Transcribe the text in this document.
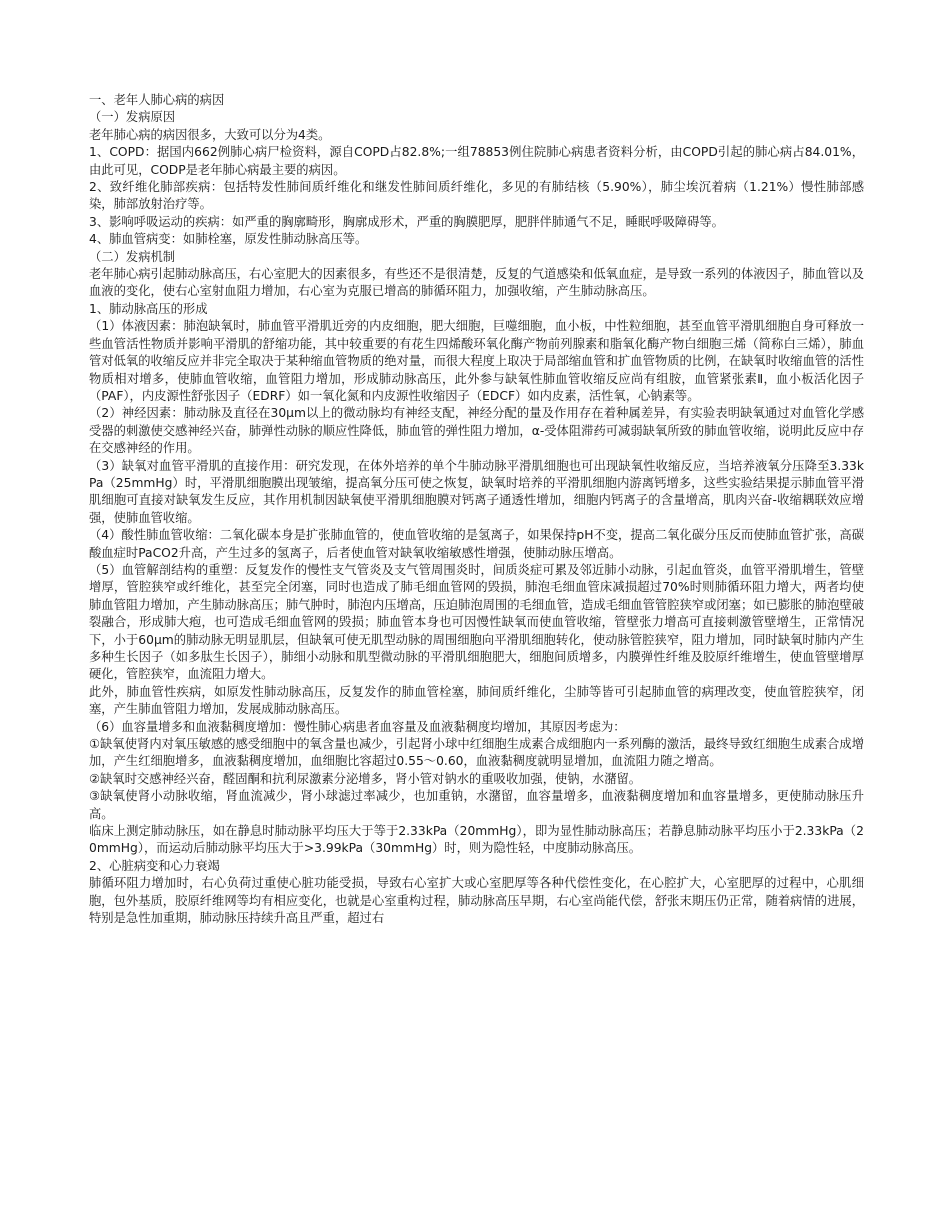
一、老年人肺心病的病因

（一）发病原因

老年肺心病的病因很多，大致可以分为4类。

1、COPD：据国内662例肺心病尸检资料，源自COPD占82.8%;一组78853例住院肺心病患者资料分析，由COPD引起的肺心病占84.01%，由此可见，CODP是老年肺心病最主要的病因。

2、致纤维化肺部疾病：包括特发性肺间质纤维化和继发性肺间质纤维化，多见的有肺结核（5.90%），肺尘埃沉着病（1.21%）慢性肺部感染，肺部放射治疗等。

3、影响呼吸运动的疾病：如严重的胸廓畸形，胸廓成形术，严重的胸膜肥厚，肥胖伴肺通气不足，睡眠呼吸障碍等。

4、肺血管病变：如肺栓塞，原发性肺动脉高压等。

（二）发病机制

老年肺心病引起肺动脉高压，右心室肥大的因素很多，有些还不是很清楚，反复的气道感染和低氧血症，是导致一系列的体液因子，肺血管以及血液的变化，使右心室射血阻力增加，右心室为克服已增高的肺循环阻力，加强收缩，产生肺动脉高压。

1、肺动脉高压的形成

（1）体液因素：肺泡缺氧时，肺血管平滑肌近旁的内皮细胞，肥大细胞，巨噬细胞，血小板，中性粒细胞，甚至血管平滑肌细胞自身可释放一些血管活性物质并影响平滑肌的舒缩功能，其中较重要的有花生四烯酸环氧化酶产物前列腺素和脂氧化酶产物白细胞三烯（简称白三烯），肺血管对低氧的收缩反应并非完全取决于某种缩血管物质的绝对量，而很大程度上取决于局部缩血管和扩血管物质的比例，在缺氧时收缩血管的活性物质相对增多，使肺血管收缩，血管阻力增加，形成肺动脉高压，此外参与缺氧性肺血管收缩反应尚有组胺，血管紧张素Ⅱ，血小板活化因子（PAF），内皮源性舒张因子（EDRF）如一氧化氮和内皮源性收缩因子（EDCF）如内皮素，活性氧，心钠素等。

（2）神经因素：肺动脉及直径在30μm以上的微动脉均有神经支配，神经分配的量及作用存在着种属差异，有实验表明缺氧通过对血管化学感受器的刺激使交感神经兴奋，肺弹性动脉的顺应性降低，肺血管的弹性阻力增加，α-受体阻滞药可减弱缺氧所致的肺血管收缩，说明此反应中存在交感神经的作用。

（3）缺氧对血管平滑肌的直接作用：研究发现，在体外培养的单个牛肺动脉平滑肌细胞也可出现缺氧性收缩反应，当培养液氧分压降至3.33kPa（25mmHg）时，平滑肌细胞膜出现皱缩，提高氧分压可使之恢复，缺氧时培养的平滑肌细胞内游离钙增多，这些实验结果提示肺血管平滑肌细胞可直接对缺氧发生反应，其作用机制因缺氧使平滑肌细胞膜对钙离子通透性增加，细胞内钙离子的含量增高，肌肉兴奋-收缩耦联效应增强，使肺血管收缩。

（4）酸性肺血管收缩：二氧化碳本身是扩张肺血管的，使血管收缩的是氢离子，如果保持pH不变，提高二氧化碳分压反而使肺血管扩张，高碳酸血症时PaCO2升高，产生过多的氢离子，后者使血管对缺氧收缩敏感性增强，使肺动脉压增高。

（5）血管解剖结构的重塑：反复发作的慢性支气管炎及支气管周围炎时，间质炎症可累及邻近肺小动脉，引起血管炎，血管平滑肌增生，管壁增厚，管腔狭窄或纤维化，甚至完全闭塞，同时也造成了肺毛细血管网的毁损，肺泡毛细血管床减损超过70%时则肺循环阻力增大，两者均使肺血管阻力增加，产生肺动脉高压；肺气肿时，肺泡内压增高，压迫肺泡周围的毛细血管，造成毛细血管管腔狭窄或闭塞；如已膨胀的肺泡壁破裂融合，形成肺大疱，也可造成毛细血管网的毁损；肺血管本身也可因慢性缺氧而使血管收缩，管壁张力增高可直接刺激管壁增生，正常情况下，小于60μm的肺动脉无明显肌层，但缺氧可使无肌型动脉的周围细胞向平滑肌细胞转化，使动脉管腔狭窄，阻力增加，同时缺氧时肺内产生多种生长因子（如多肽生长因子），肺细小动脉和肌型微动脉的平滑肌细胞肥大，细胞间质增多，内膜弹性纤维及胶原纤维增生，使血管壁增厚硬化，管腔狭窄，血流阻力增大。

此外，肺血管性疾病，如原发性肺动脉高压，反复发作的肺血管栓塞，肺间质纤维化，尘肺等皆可引起肺血管的病理改变，使血管腔狭窄，闭塞，产生肺血管阻力增加，发展成肺动脉高压。

（6）血容量增多和血液黏稠度增加：慢性肺心病患者血容量及血液黏稠度均增加，其原因考虑为：

①缺氧使肾内对氧压敏感的感受细胞中的氧含量也减少，引起肾小球中红细胞生成素合成细胞内一系列酶的激活，最终导致红细胞生成素合成增加，产生红细胞增多，血液黏稠度增加，血细胞比容超过0.55～0.60，血液黏稠度就明显增加，血流阻力随之增高。

②缺氧时交感神经兴奋，醛固酮和抗利尿激素分泌增多，肾小管对钠水的重吸收加强，使钠，水潴留。

③缺氧使肾小动脉收缩，肾血流减少，肾小球滤过率减少，也加重钠，水潴留，血容量增多，血液黏稠度增加和血容量增多，更使肺动脉压升高。

临床上测定肺动脉压，如在静息时肺动脉平均压大于等于2.33kPa（20mmHg），即为显性肺动脉高压；若静息肺动脉平均压小于2.33kPa（20mmHg），而运动后肺动脉平均压大于>3.99kPa（30mmHg）时，则为隐性轻，中度肺动脉高压。

2、心脏病变和心力衰竭

肺循环阻力增加时，右心负荷过重使心脏功能受损，导致右心室扩大或心室肥厚等各种代偿性变化，在心腔扩大，心室肥厚的过程中，心肌细胞，包外基质，胶原纤维网等均有相应变化，也就是心室重构过程，肺动脉高压早期，右心室尚能代偿，舒张末期压仍正常，随着病情的进展，特别是急性加重期，肺动脉压持续升高且严重，超过右
